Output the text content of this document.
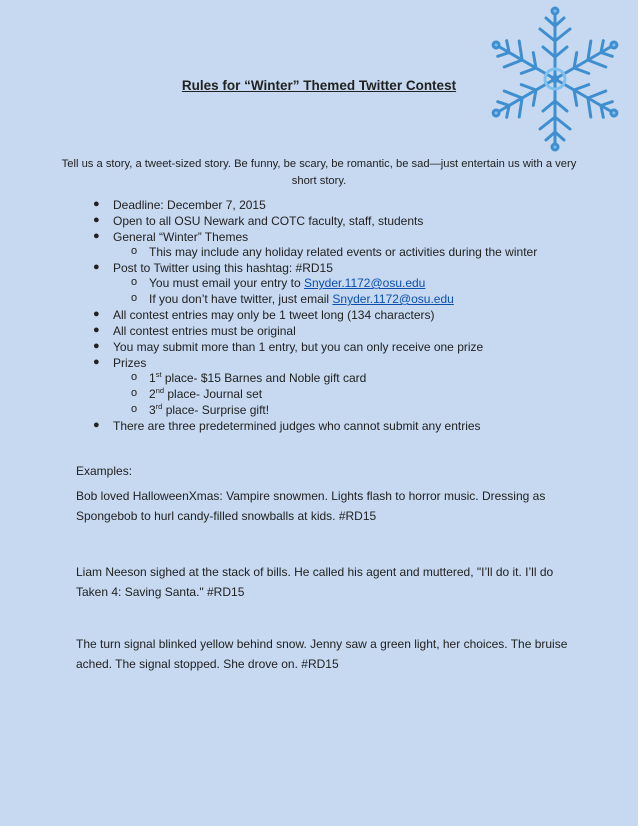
Rules for “Winter” Themed Twitter Contest
Tell us a story, a tweet-sized story. Be funny, be scary, be romantic, be sad—just entertain us with a very short story.
● Deadline: December 7, 2015
● Open to all OSU Newark and COTC faculty, staff, students
● General “Winter” Themes
o This may include any holiday related events or activities during the winter
● Post to Twitter using this hashtag: #RD15
o You must email your entry to Snyder.1172@osu.edu
o If you don’t have twitter, just email Snyder.1172@osu.edu
● All contest entries may only be 1 tweet long (134 characters)
● All contest entries must be original
● You may submit more than 1 entry, but you can only receive one prize
● Prizes
o 1st place- $15 Barnes and Noble gift card
o 2nd place- Journal set
o 3rd place- Surprise gift!
● There are three predetermined judges who cannot submit any entries
Examples:
Bob loved HalloweenXmas: Vampire snowmen. Lights flash to horror music. Dressing as Spongebob to hurl candy-filled snowballs at kids. #RD15
Liam Neeson sighed at the stack of bills. He called his agent and muttered, "I’ll do it. I’ll do Taken 4: Saving Santa." #RD15
The turn signal blinked yellow behind snow. Jenny saw a green light, her choices. The bruise ached. The signal stopped. She drove on. #RD15
